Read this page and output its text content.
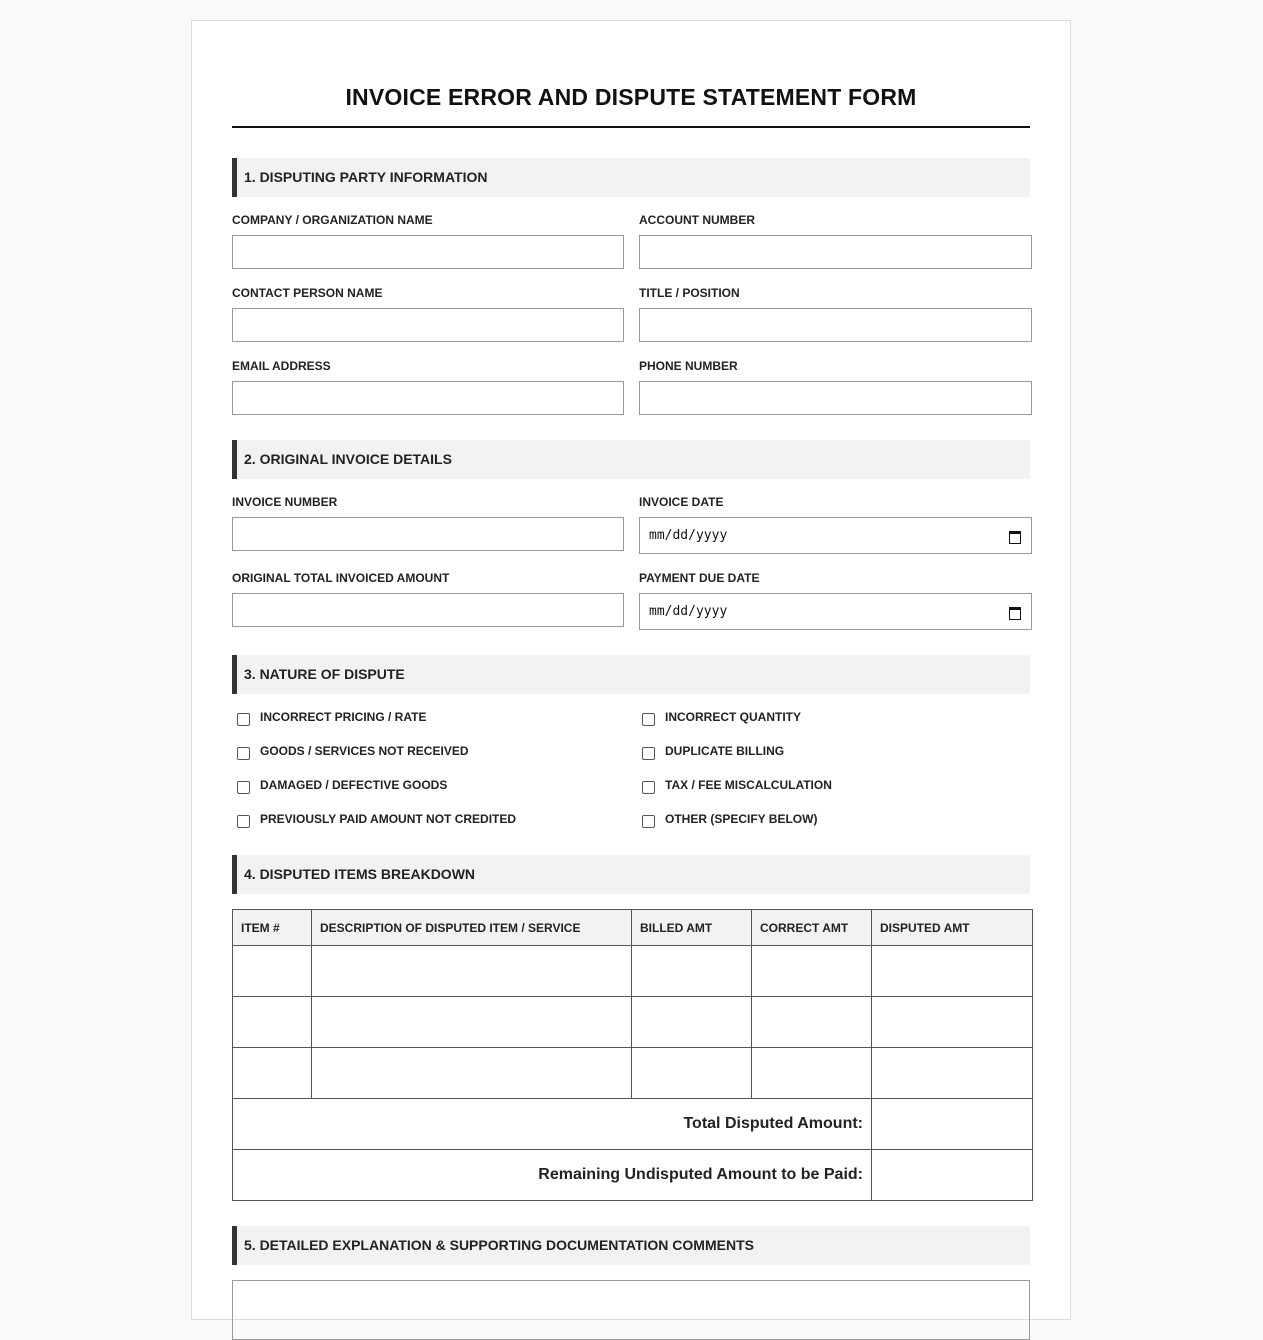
INVOICE ERROR AND DISPUTE STATEMENT FORM
1. DISPUTING PARTY INFORMATION
COMPANY / ORGANIZATION NAME	ACCOUNT NUMBER
CONTACT PERSON NAME	TITLE / POSITION
EMAIL ADDRESS	PHONE NUMBER
2. ORIGINAL INVOICE DETAILS
INVOICE NUMBER	INVOICE DATE
mm/dd/yyyy
ORIGINAL TOTAL INVOICED AMOUNT	PAYMENT DUE DATE
mm/dd/yyyy
3. NATURE OF DISPUTE
INCORRECT PRICING / RATE	INCORRECT QUANTITY
GOODS / SERVICES NOT RECEIVED	DUPLICATE BILLING
DAMAGED / DEFECTIVE GOODS	TAX / FEE MISCALCULATION
PREVIOUSLY PAID AMOUNT NOT CREDITED	OTHER (SPECIFY BELOW)
4. DISPUTED ITEMS BREAKDOWN
ITEM #	DESCRIPTION OF DISPUTED ITEM / SERVICE	BILLED AMT	CORRECT AMT	DISPUTED AMT

Total Disputed Amount:				
Remaining Undisputed Amount to be Paid:				
5. DETAILED EXPLANATION & SUPPORTING DOCUMENTATION COMMENTS
